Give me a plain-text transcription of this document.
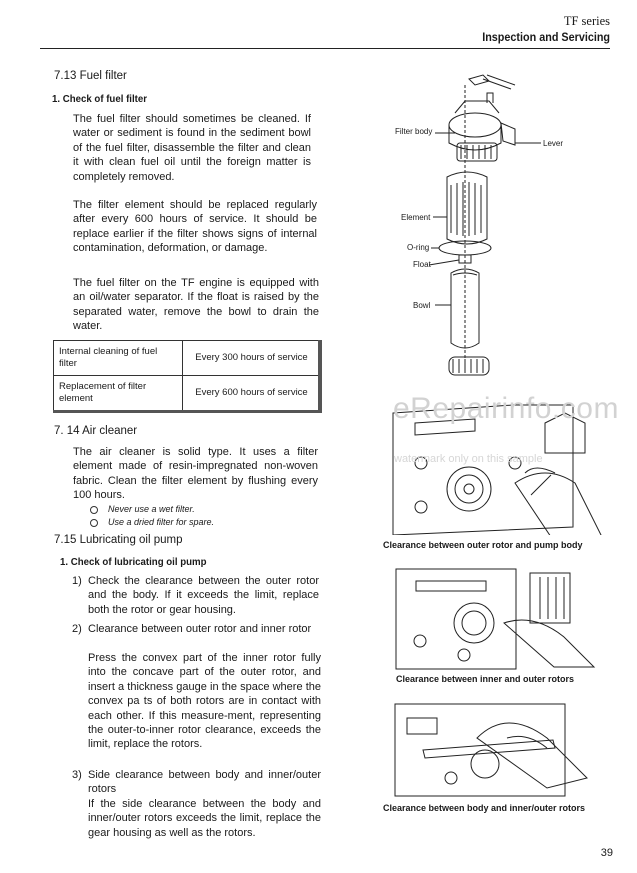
TF series
Inspection and Servicing
7.13 Fuel filter
1. Check of fuel filter
The fuel filter should sometimes be cleaned. If water or sediment is found in the sediment bowl of the fuel filter, disassemble the filter and clean it with clean fuel oil until the foreign matter is completely removed.
The filter element should be replaced regularly after every 600 hours of service. It should be replace earlier if the filter shows signs of internal contamination, deformation, or damage.
The fuel filter on the TF engine is equipped with an oil/water separator. If the float is raised by the separated water, remove the bowl to drain the water.
Internal cleaning of fuel filter	Every 300 hours of service
Replacement of filter element	Every 600 hours of service
7. 14 Air cleaner
The air cleaner is solid type. It uses a filter element made of resin-impregnated non-woven fabric. Clean the filter element by flushing every 100 hours.
Never use a wet filter.
Use a dried filter for spare.
7.15 Lubricating oil pump
1. Check of lubricating oil pump
1) Check the clearance between the outer rotor and the body. If it exceeds the limit, replace both the rotor or gear housing.
2) Clearance between outer rotor and inner rotor
Press the convex part of the inner rotor fully into the concave part of the outer rotor, and insert a thickness gauge in the space where the convex pa ts of both rotors are in contact with each other. If this measure-ment, representing the outer-to-inner rotor clearance, exceeds the limit, replace the rotors.
3) Side clearance between body and inner/outer rotors
If the side clearance between the body and inner/outer rotors exceeds the limit, replace the gear housing as well as the rotors.
Filter body
Lever
Element
O-ring
Float
Bowl
Clearance between outer rotor and pump body
Clearance between inner and outer rotors
Clearance between body and inner/outer rotors
eRepairinfo.com
watermark only on this sample
39
